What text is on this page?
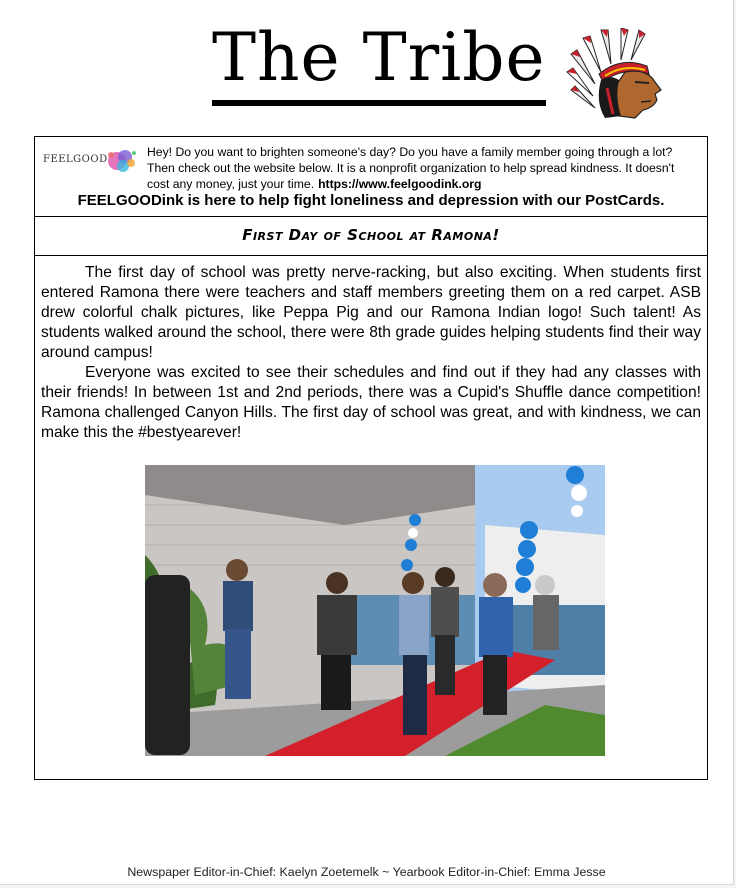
The Tribe
FEELGOOD
Hey! Do you want to brighten someone's day? Do you have a family member going through a lot? Then check out the website below. It is a nonprofit organization to help spread kindness. It doesn't cost any money, just your time. https://www.feelgoodink.org
FEELGOODink is here to help fight loneliness and depression with our PostCards.
First Day of School at Ramona!

The first day of school was pretty nerve-racking, but also exciting. When students first entered Ramona there were teachers and staff members greeting them on a red carpet. ASB drew colorful chalk pictures, like Peppa Pig and our Ramona Indian logo! Such talent! As students walked around the school, there were 8th grade guides helping students find their way around campus!

Everyone was excited to see their schedules and find out if they had any classes with their friends! In between 1st and 2nd periods, there was a Cupid's Shuffle dance competition! Ramona challenged Canyon Hills. The first day of school was great, and with kindness, we can make this the #bestyearever!

Newspaper Editor-in-Chief: Kaelyn Zoetemelk ~ Yearbook Editor-in-Chief: Emma Jesse
